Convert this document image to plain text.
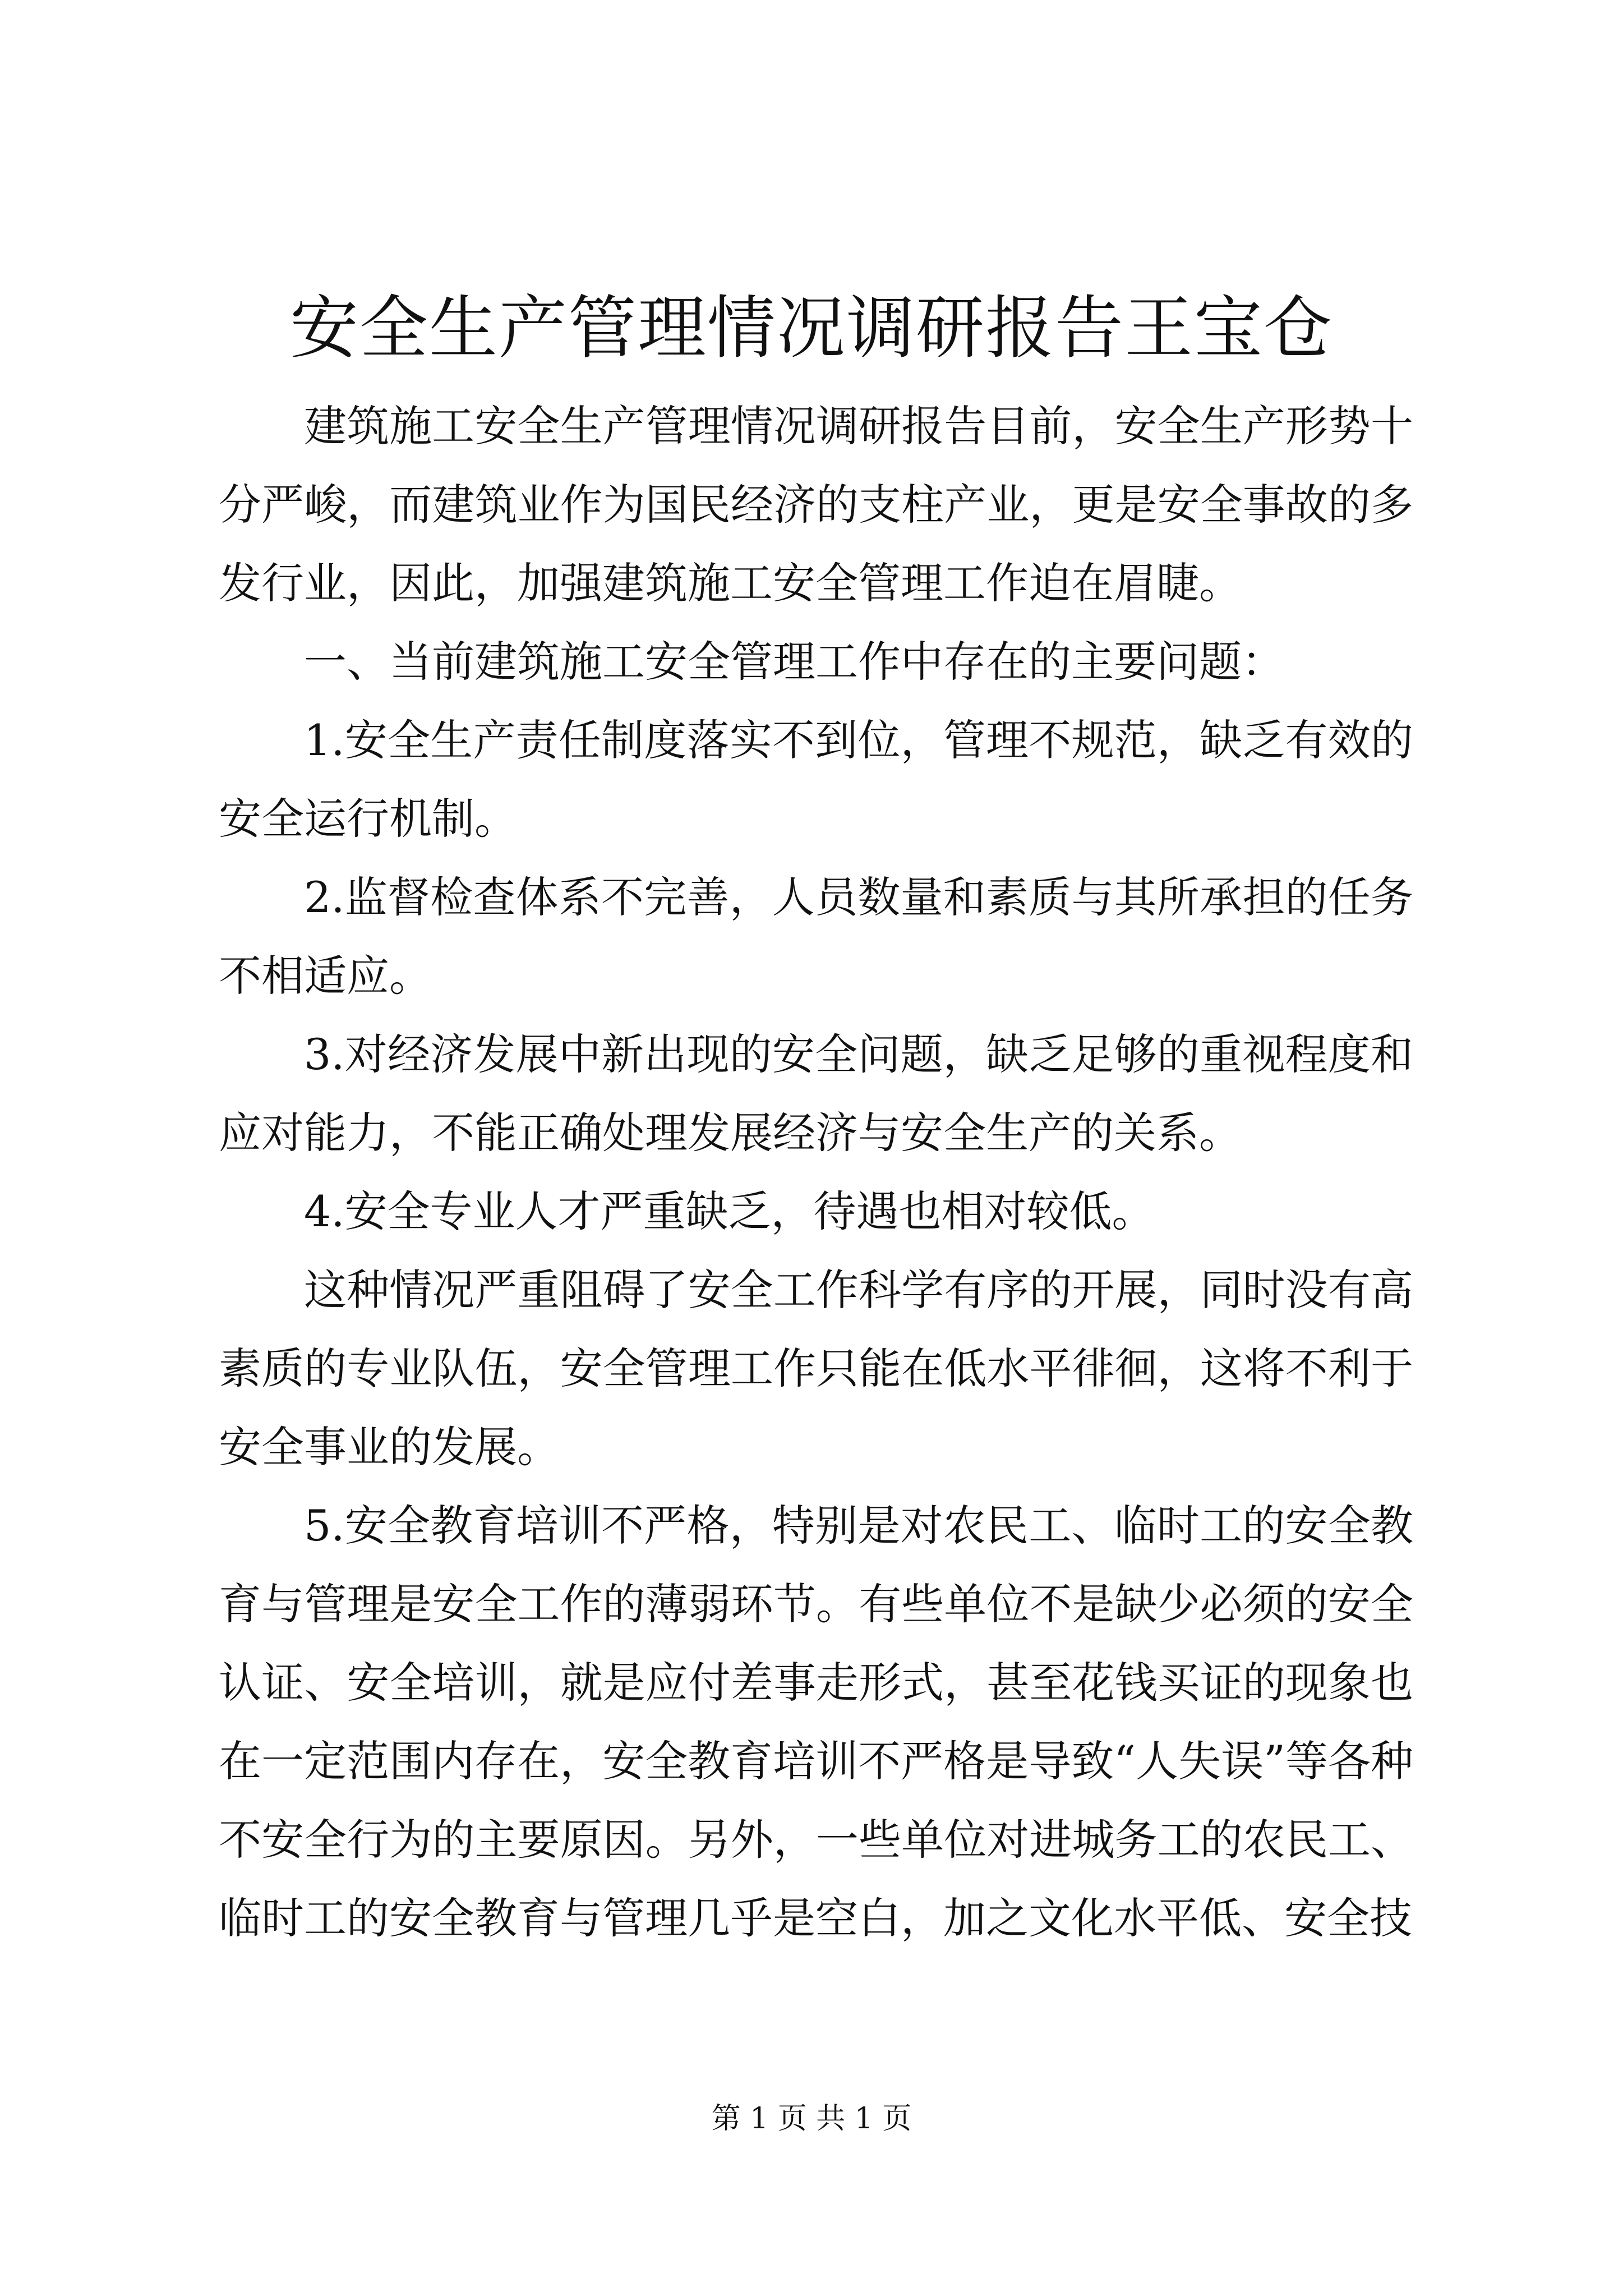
安全生产管理情况调研报告王宝仓

建筑施工安全生产管理情况调研报告目前，安全生产形势十分严峻，而建筑业作为国民经济的支柱产业，更是安全事故的多发行业，因此，加强建筑施工安全管理工作迫在眉睫。

一、当前建筑施工安全管理工作中存在的主要问题：

1.安全生产责任制度落实不到位，管理不规范，缺乏有效的安全运行机制。

2.监督检查体系不完善，人员数量和素质与其所承担的任务不相适应。

3.对经济发展中新出现的安全问题，缺乏足够的重视程度和应对能力，不能正确处理发展经济与安全生产的关系。

4.安全专业人才严重缺乏，待遇也相对较低。

这种情况严重阻碍了安全工作科学有序的开展，同时没有高素质的专业队伍，安全管理工作只能在低水平徘徊，这将不利于安全事业的发展。

5.安全教育培训不严格，特别是对农民工、临时工的安全教育与管理是安全工作的薄弱环节。有些单位不是缺少必须的安全认证、安全培训，就是应付差事走形式，甚至花钱买证的现象也在一定范围内存在，安全教育培训不严格是导致“人失误”等各种不安全行为的主要原因。另外，一些单位对进城务工的农民工、临时工的安全教育与管理几乎是空白，加之文化水平低、安全技

第 1 页 共 1 页
